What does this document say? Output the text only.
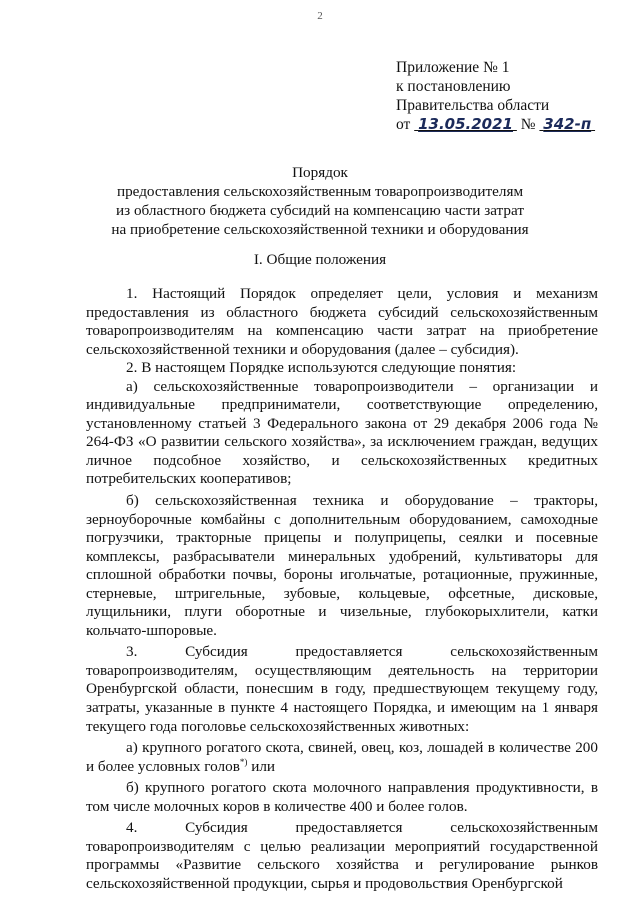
2
Приложение № 1
к постановлению
Правительства области
от 13.05.2021 № 342-п
Порядок
предоставления сельскохозяйственным товаропроизводителям
из областного бюджета субсидий на компенсацию части затрат
на приобретение сельскохозяйственной техники и оборудования
I. Общие положения

1. Настоящий Порядок определяет цели, условия и механизм предоставления из областного бюджета субсидий сельскохозяйственным товаропроизводителям на компенсацию части затрат на приобретение сельскохозяйственной техники и оборудования (далее – субсидия).

2. В настоящем Порядке используются следующие понятия:

а) сельскохозяйственные товаропроизводители – организации и индивидуальные предприниматели, соответствующие определению, установленному статьей 3 Федерального закона от 29 декабря 2006 года № 264-ФЗ «О развитии сельского хозяйства», за исключением граждан, ведущих личное подсобное хозяйство, и сельскохозяйственных кредитных потребительских кооперативов;

б) сельскохозяйственная техника и оборудование – тракторы, зерноуборочные комбайны с дополнительным оборудованием, самоходные погрузчики, тракторные прицепы и полуприцепы, сеялки и посевные комплексы, разбрасыватели минеральных удобрений, культиваторы для сплошной обработки почвы, бороны игольчатые, ротационные, пружинные, стерневые, штригельные, зубовые, кольцевые, офсетные, дисковые, лущильники, плуги оборотные и чизельные, глубокорыхлители, катки кольчато-шпоровые.

3. Субсидия предоставляется сельскохозяйственным товаропроизводителям, осуществляющим деятельность на территории Оренбургской области, понесшим в году, предшествующем текущему году, затраты, указанные в пункте 4 настоящего Порядка, и имеющим на 1 января текущего года поголовье сельскохозяйственных животных:

а) крупного рогатого скота, свиней, овец, коз, лошадей в количестве 200 и более условных голов*) или

б) крупного рогатого скота молочного направления продуктивности, в том числе молочных коров в количестве 400 и более голов.

4. Субсидия предоставляется сельскохозяйственным товаропроизводителям с целью реализации мероприятий государственной программы «Развитие сельского хозяйства и регулирование рынков сельскохозяйственной продукции, сырья и продовольствия Оренбургской
